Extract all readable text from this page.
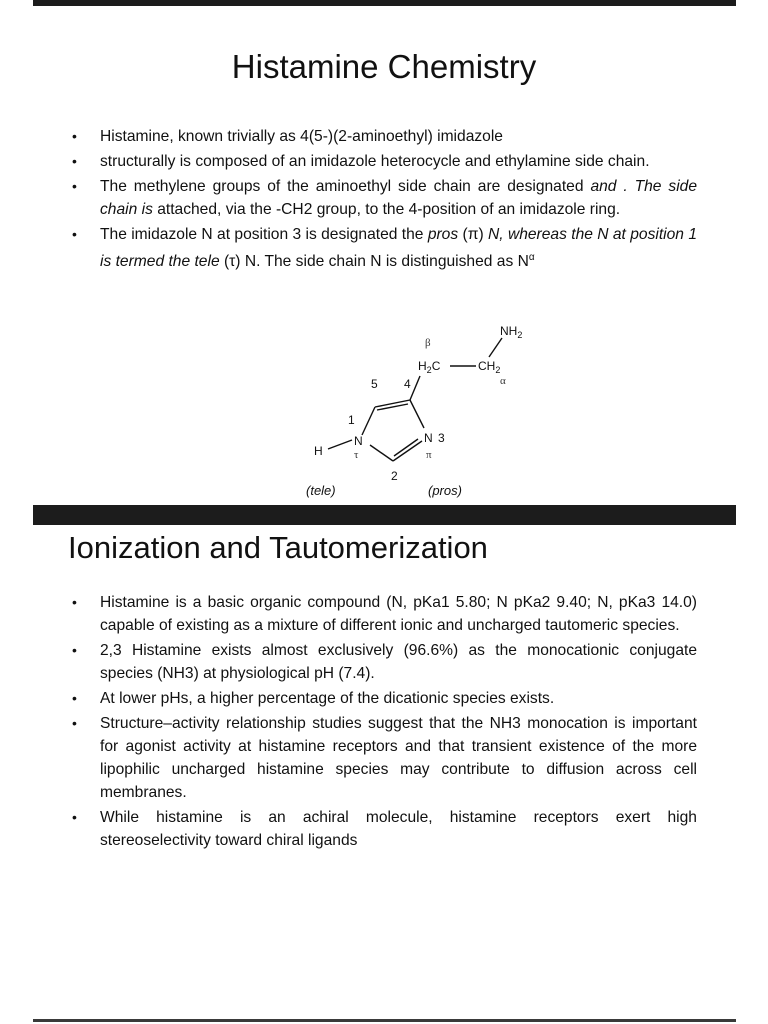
Histamine Chemistry
• Histamine, known trivially as 4(5-)(2-aminoethyl) imidazole
• structurally is composed of an imidazole heterocycle and ethylamine side chain.
• The methylene groups of the aminoethyl side chain are designated and . The side chain is attached, via the -CH2 group, to the 4-position of an imidazole ring.
• The imidazole N at position 3 is designated the pros (π) N, whereas the N at position 1 is termed the tele (τ) N. The side chain N is distinguished as $N^\alpha$
$NH_2$
β
$H_2C$	$CH_2$
α
5 4
1
N	N 3
H	τ	π
2
(tele)	(pros)
Ionization and Tautomerization
• Histamine is a basic organic compound (N, pKa1 5.80; N pKa2 9.40; N, pKa3 14.0) capable of existing as a mixture of different ionic and uncharged tautomeric species.
• 2,3 Histamine exists almost exclusively (96.6%) as the monocationic conjugate species (NH3) at physiological pH (7.4).
• At lower pHs, a higher percentage of the dicationic species exists.
• Structure–activity relationship studies suggest that the NH3 monocation is important for agonist activity at histamine receptors and that transient existence of the more lipophilic uncharged histamine species may contribute to diffusion across cell membranes.
• While histamine is an achiral molecule, histamine receptors exert high stereoselectivity toward chiral ligands
